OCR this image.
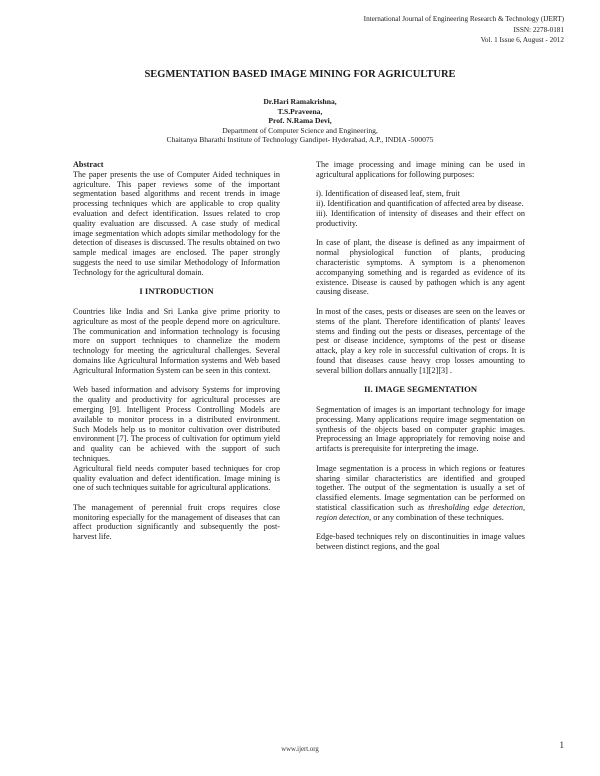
International Journal of Engineering Research & Technology (IJERT)
ISSN: 2278-0181
Vol. 1 Issue 6, August - 2012
SEGMENTATION BASED IMAGE MINING FOR AGRICULTURE
Dr.Hari Ramakrishna,
T.S.Praveena,
Prof. N.Rama Devi,
Department of Computer Science and Engineering,
Chaitanya Bharathi Institute of Technology Gandipet- Hyderabad, A.P., INDIA -500075

Abstract
The paper presents the use of Computer Aided techniques in agriculture. This paper reviews some of the important segmentation based algorithms and recent trends in image processing techniques which are applicable to crop quality evaluation and defect identification. Issues related to crop quality evaluation are discussed. A case study of medical image segmentation which adopts similar methodology for the detection of diseases is discussed. The results obtained on two sample medical images are enclosed. The paper strongly suggests the need to use similar Methodology of Information Technology for the agricultural domain.

I INTRODUCTION

Countries like India and Sri Lanka give prime priority to agriculture as most of the people depend more on agriculture. The communication and information technology is focusing more on support techniques to channelize the modern technology for meeting the agricultural challenges. Several domains like Agricultural Information systems and Web based Agricultural Information System can be seen in this context.

Web based information and advisory Systems for improving the quality and productivity for agricultural processes are emerging [9]. Intelligent Process Controlling Models are available to monitor process in a distributed environment. Such Models help us to monitor cultivation over distributed environment [7]. The process of cultivation for optimum yield and quality can be achieved with the support of such techniques.

Agricultural field needs computer based techniques for crop quality evaluation and defect identification. Image mining is one of such techniques suitable for agricultural applications.

The management of perennial fruit crops requires close monitoring especially for the management of diseases that can affect production significantly and subsequently the post-harvest life.

The image processing and image mining can be used in agricultural applications for following purposes:

i). Identification of diseased leaf, stem, fruit
ii). Identification and quantification of affected area by disease.
iii). Identification of intensity of diseases and their effect on productivity.

In case of plant, the disease is defined as any impairment of normal physiological function of plants, producing characteristic symptoms. A symptom is a phenomenon accompanying something and is regarded as evidence of its existence. Disease is caused by pathogen which is any agent causing disease.

In most of the cases, pests or diseases are seen on the leaves or stems of the plant. Therefore identification of plants' leaves stems and finding out the pests or diseases, percentage of the pest or disease incidence, symptoms of the pest or disease attack, play a key role in successful cultivation of crops. It is found that diseases cause heavy crop losses amounting to several billion dollars annually [1][2][3] .

II. IMAGE SEGMENTATION

Segmentation of images is an important technology for image processing. Many applications require image segmentation on synthesis of the objects based on computer graphic images. Preprocessing an Image appropriately for removing noise and artifacts is prerequisite for interpreting the image.

Image segmentation is a process in which regions or features sharing similar characteristics are identified and grouped together. The output of the segmentation is usually a set of classified elements. Image segmentation can be performed on statistical classification such as thresholding edge detection, region detection, or any combination of these techniques.

Edge-based techniques rely on discontinuities in image values between distinct regions, and the goal

www.ijert.org	1
